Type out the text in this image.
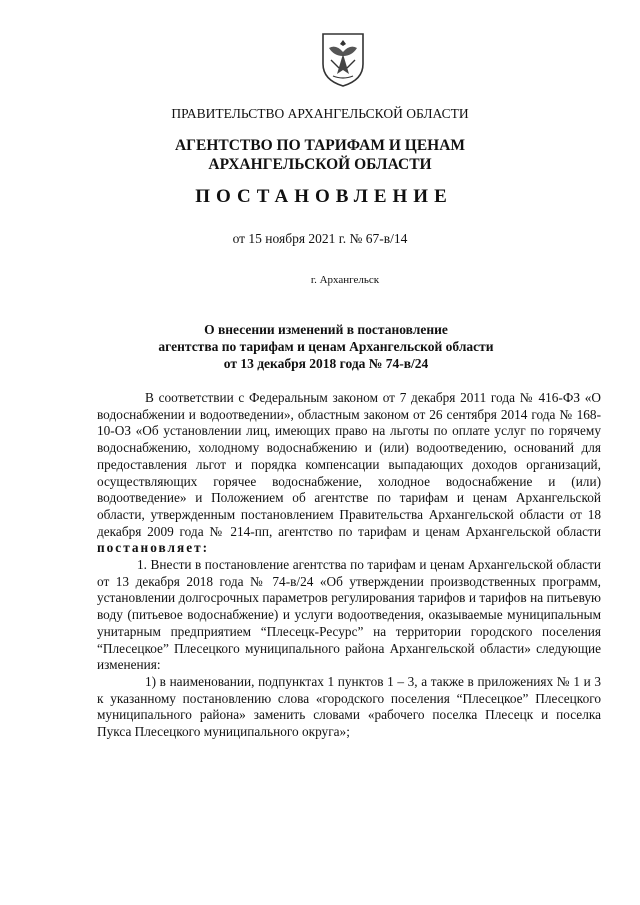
ПРАВИТЕЛЬСТВО АРХАНГЕЛЬСКОЙ ОБЛАСТИ
АГЕНТСТВО ПО ТАРИФАМ И ЦЕНАМ
АРХАНГЕЛЬСКОЙ ОБЛАСТИ
ПОСТАНОВЛЕНИЕ
от 15 ноября 2021 г. № 67-в/14
г. Архангельск
О внесении изменений в постановление
агентства по тарифам и ценам Архангельской области
от 13 декабря 2018 года № 74-в/24

В соответствии с Федеральным законом от 7 декабря 2011 года № 416-ФЗ «О водоснабжении и водоотведении», областным законом от 26 сентября 2014 года № 168-10-ОЗ «Об установлении лиц, имеющих право на льготы по оплате услуг по горячему водоснабжению, холодному водоснабжению и (или) водоотведению, оснований для предоставления льгот и порядка компенсации выпадающих доходов организаций, осуществляющих горячее водоснабжение, холодное водоснабжение и (или) водоотведение» и Положением об агентстве по тарифам и ценам Архангельской области, утвержденным постановлением Правительства Архангельской области от 18 декабря 2009 года № 214-пп, агентство по тарифам и ценам Архангельской области постановляет:

1. Внести в постановление агентства по тарифам и ценам Архангельской области от 13 декабря 2018 года № 74-в/24 «Об утверждении производственных программ, установлении долгосрочных параметров регулирования тарифов и тарифов на питьевую воду (питьевое водоснабжение) и услуги водоотведения, оказываемые муниципальным унитарным предприятием “Плесецк-Ресурс” на территории городского поселения “Плесецкое” Плесецкого муниципального района Архангельской области» следующие изменения:

1) в наименовании, подпунктах 1 пунктов 1 – 3, а также в приложениях № 1 и 3 к указанному постановлению слова «городского поселения “Плесецкое” Плесецкого муниципального района» заменить словами «рабочего поселка Плесецк и поселка Пукса Плесецкого муниципального округа»;
